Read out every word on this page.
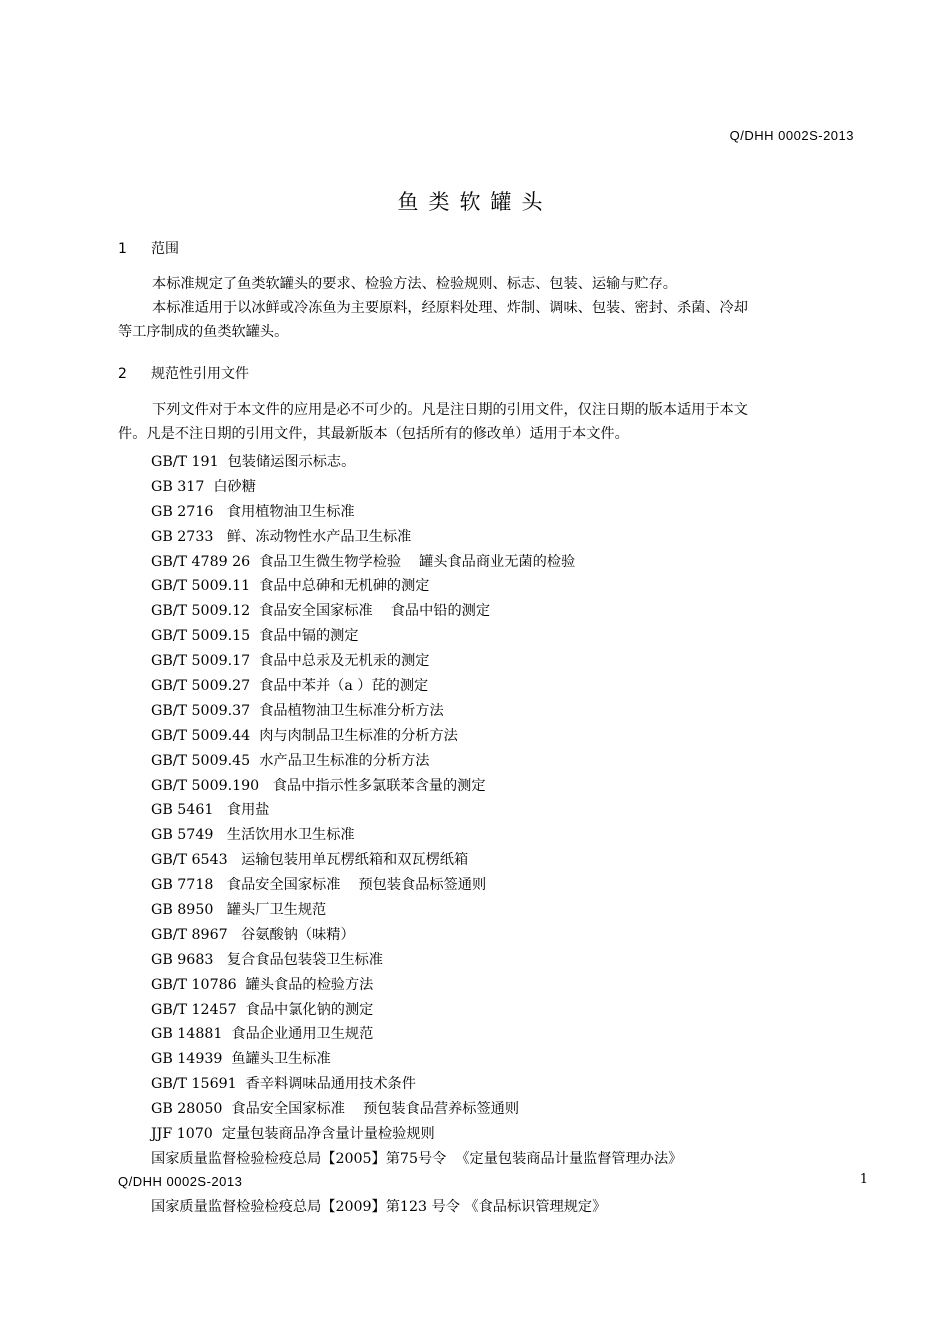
Q/DHH 0002S-2013
鱼类软罐头
1 范围
本标准规定了鱼类软罐头的要求、检验方法、检验规则、标志、包装、运输与贮存。
本标准适用于以冰鲜或冷冻鱼为主要原料，经原料处理、炸制、调味、包装、密封、杀菌、冷却
等工序制成的鱼类软罐头。
2 规范性引用文件
下列文件对于本文件的应用是必不可少的。凡是注日期的引用文件，仅注日期的版本适用于本文
件。凡是不注日期的引用文件，其最新版本（包括所有的修改单）适用于本文件。
GB/T 191  包装储运图示标志。
GB 317  白砂糖
GB 2716   食用植物油卫生标准
GB 2733   鲜、冻动物性水产品卫生标准
GB/T 4789 26  食品卫生微生物学检验    罐头食品商业无菌的检验
GB/T 5009.11  食品中总砷和无机砷的测定
GB/T 5009.12  食品安全国家标准    食品中铅的测定
GB/T 5009.15  食品中镉的测定
GB/T 5009.17  食品中总汞及无机汞的测定
GB/T 5009.27  食品中苯并（a ）芘的测定
GB/T 5009.37  食品植物油卫生标准分析方法
GB/T 5009.44  肉与肉制品卫生标准的分析方法
GB/T 5009.45  水产品卫生标准的分析方法
GB/T 5009.190   食品中指示性多氯联苯含量的测定
GB 5461   食用盐
GB 5749   生活饮用水卫生标准
GB/T 6543   运输包装用单瓦楞纸箱和双瓦楞纸箱
GB 7718   食品安全国家标准    预包装食品标签通则
GB 8950   罐头厂卫生规范
GB/T 8967   谷氨酸钠（味精）
GB 9683   复合食品包装袋卫生标准
GB/T 10786  罐头食品的检验方法
GB/T 12457  食品中氯化钠的测定
GB 14881  食品企业通用卫生规范
GB 14939  鱼罐头卫生标准
GB/T 15691  香辛料调味品通用技术条件
GB 28050  食品安全国家标准    预包装食品营养标签通则
JJF 1070  定量包装商品净含量计量检验规则
国家质量监督检验检疫总局【2005】第75号令  《定量包装商品计量监督管理办法》
1
Q/DHH 0002S-2013
国家质量监督检验检疫总局【2009】第123 号令 《食品标识管理规定》
